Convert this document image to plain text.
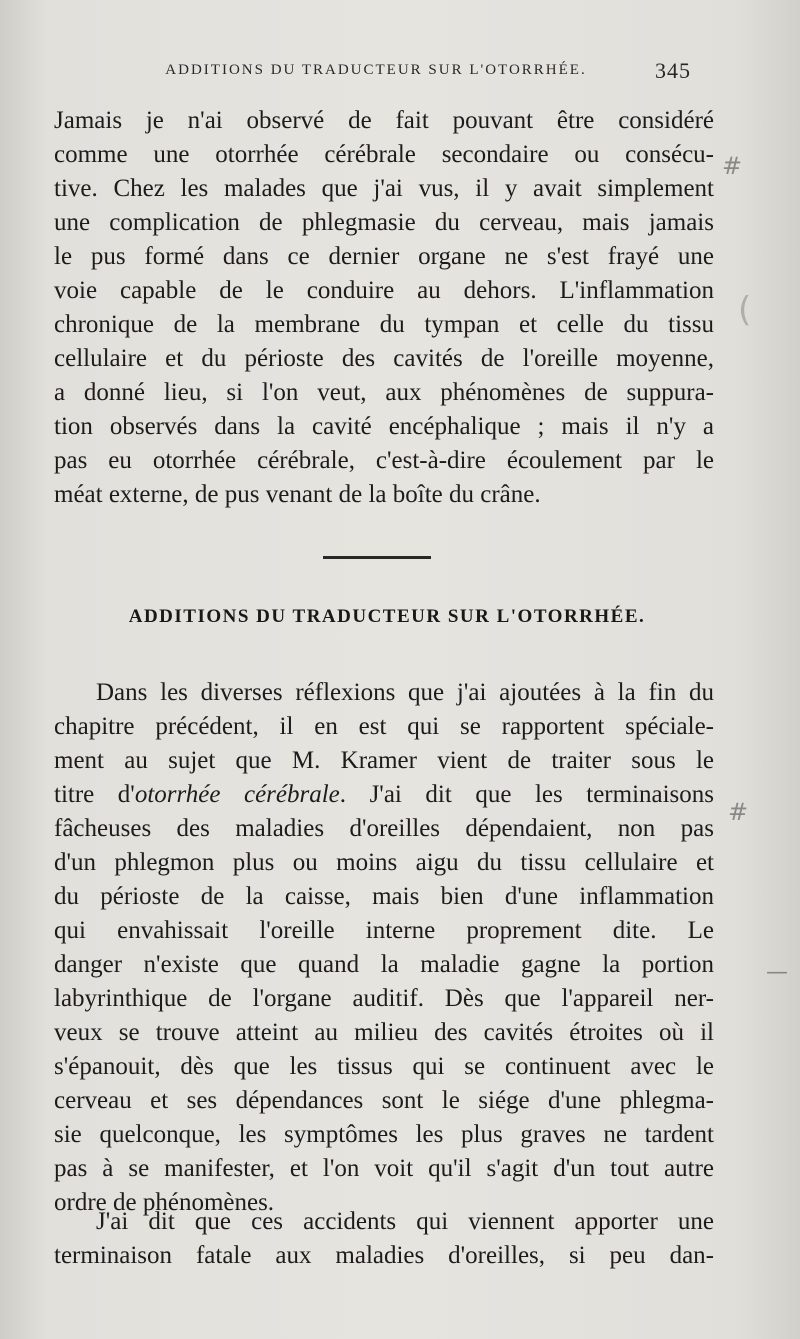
ADDITIONS DU TRADUCTEUR SUR L'OTORRHÉE.	345
Jamais je n'ai observé de fait pouvant être considéré
comme une otorrhée cérébrale secondaire ou consécu-
tive. Chez les malades que j'ai vus, il y avait simplement
une complication de phlegmasie du cerveau, mais jamais
le pus formé dans ce dernier organe ne s'est frayé une
voie capable de le conduire au dehors. L'inflammation
chronique de la membrane du tympan et celle du tissu
cellulaire et du périoste des cavités de l'oreille moyenne,
a donné lieu, si l'on veut, aux phénomènes de suppura-
tion observés dans la cavité encéphalique ; mais il n'y a
pas eu otorrhée cérébrale, c'est-à-dire écoulement par le
méat externe, de pus venant de la boîte du crâne.
ADDITIONS DU TRADUCTEUR SUR L'OTORRHÉE.
Dans les diverses réflexions que j'ai ajoutées à la fin du
chapitre précédent, il en est qui se rapportent spéciale-
ment au sujet que M. Kramer vient de traiter sous le
titre d'otorrhée cérébrale. J'ai dit que les terminaisons
fâcheuses des maladies d'oreilles dépendaient, non pas
d'un phlegmon plus ou moins aigu du tissu cellulaire et
du périoste de la caisse, mais bien d'une inflammation
qui envahissait l'oreille interne proprement dite. Le
danger n'existe que quand la maladie gagne la portion
labyrinthique de l'organe auditif. Dès que l'appareil ner-
veux se trouve atteint au milieu des cavités étroites où il
s'épanouit, dès que les tissus qui se continuent avec le
cerveau et ses dépendances sont le siége d'une phlegma-
sie quelconque, les symptômes les plus graves ne tardent
pas à se manifester, et l'on voit qu'il s'agit d'un tout autre
ordre de phénomènes.
J'ai dit que ces accidents qui viennent apporter une
terminaison fatale aux maladies d'oreilles, si peu dan-
#
(
#
—
